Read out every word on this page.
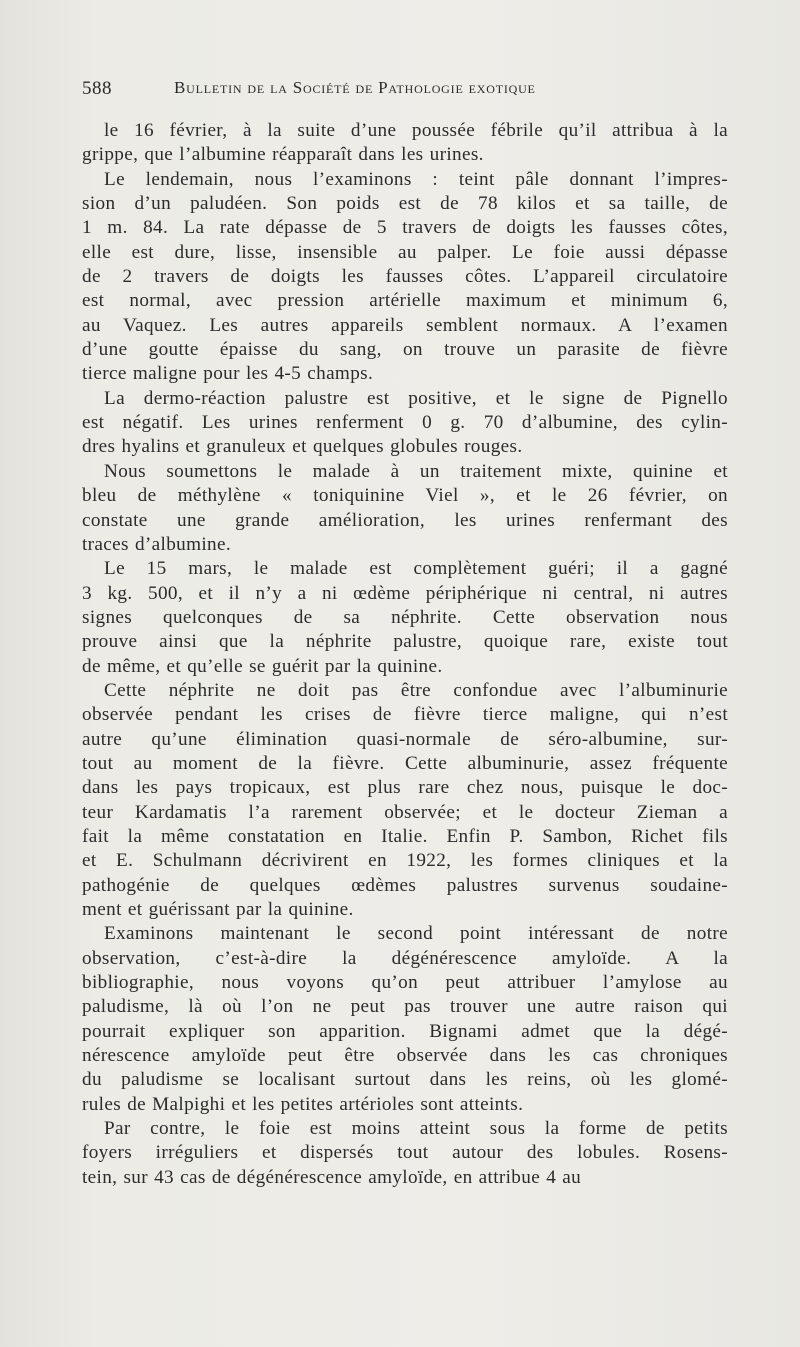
588	Bulletin de la Société de Pathologie exotique
le 16 février, à la suite d’une poussée fébrile qu’il attribua à la
grippe, que l’albumine réapparaît dans les urines.
Le lendemain, nous l’examinons : teint pâle donnant l’impres-
sion d’un paludéen. Son poids est de 78 kilos et sa taille, de
1 m. 84. La rate dépasse de 5 travers de doigts les fausses côtes,
elle est dure, lisse, insensible au palper. Le foie aussi dépasse
de 2 travers de doigts les fausses côtes. L’appareil circulatoire
est normal, avec pression artérielle maximum et minimum 6,
au Vaquez. Les autres appareils semblent normaux. A l’examen
d’une goutte épaisse du sang, on trouve un parasite de fièvre
tierce maligne pour les 4-5 champs.
La dermo-réaction palustre est positive, et le signe de Pignello
est négatif. Les urines renferment 0 g. 70 d’albumine, des cylin-
dres hyalins et granuleux et quelques globules rouges.
Nous soumettons le malade à un traitement mixte, quinine et
bleu de méthylène « toniquinine Viel », et le 26 février, on
constate une grande amélioration, les urines renfermant des
traces d’albumine.
Le 15 mars, le malade est complètement guéri; il a gagné
3 kg. 500, et il n’y a ni œdème périphérique ni central, ni autres
signes quelconques de sa néphrite. Cette observation nous
prouve ainsi que la néphrite palustre, quoique rare, existe tout
de même, et qu’elle se guérit par la quinine.
Cette néphrite ne doit pas être confondue avec l’albuminurie
observée pendant les crises de fièvre tierce maligne, qui n’est
autre qu’une élimination quasi-normale de séro-albumine, sur-
tout au moment de la fièvre. Cette albuminurie, assez fréquente
dans les pays tropicaux, est plus rare chez nous, puisque le doc-
teur Kardamatis l’a rarement observée; et le docteur Zieman a
fait la même constatation en Italie. Enfin P. Sambon, Richet fils
et E. Schulmann décrivirent en 1922, les formes cliniques et la
pathogénie de quelques œdèmes palustres survenus soudaine-
ment et guérissant par la quinine.
Examinons maintenant le second point intéressant de notre
observation, c’est-à-dire la dégénérescence amyloïde. A la
bibliographie, nous voyons qu’on peut attribuer l’amylose au
paludisme, là où l’on ne peut pas trouver une autre raison qui
pourrait expliquer son apparition. Bignami admet que la dégé-
nérescence amyloïde peut être observée dans les cas chroniques
du paludisme se localisant surtout dans les reins, où les glomé-
rules de Malpighi et les petites artérioles sont atteints.
Par contre, le foie est moins atteint sous la forme de petits
foyers irréguliers et dispersés tout autour des lobules. Rosens-
tein, sur 43 cas de dégénérescence amyloïde, en attribue 4 au
